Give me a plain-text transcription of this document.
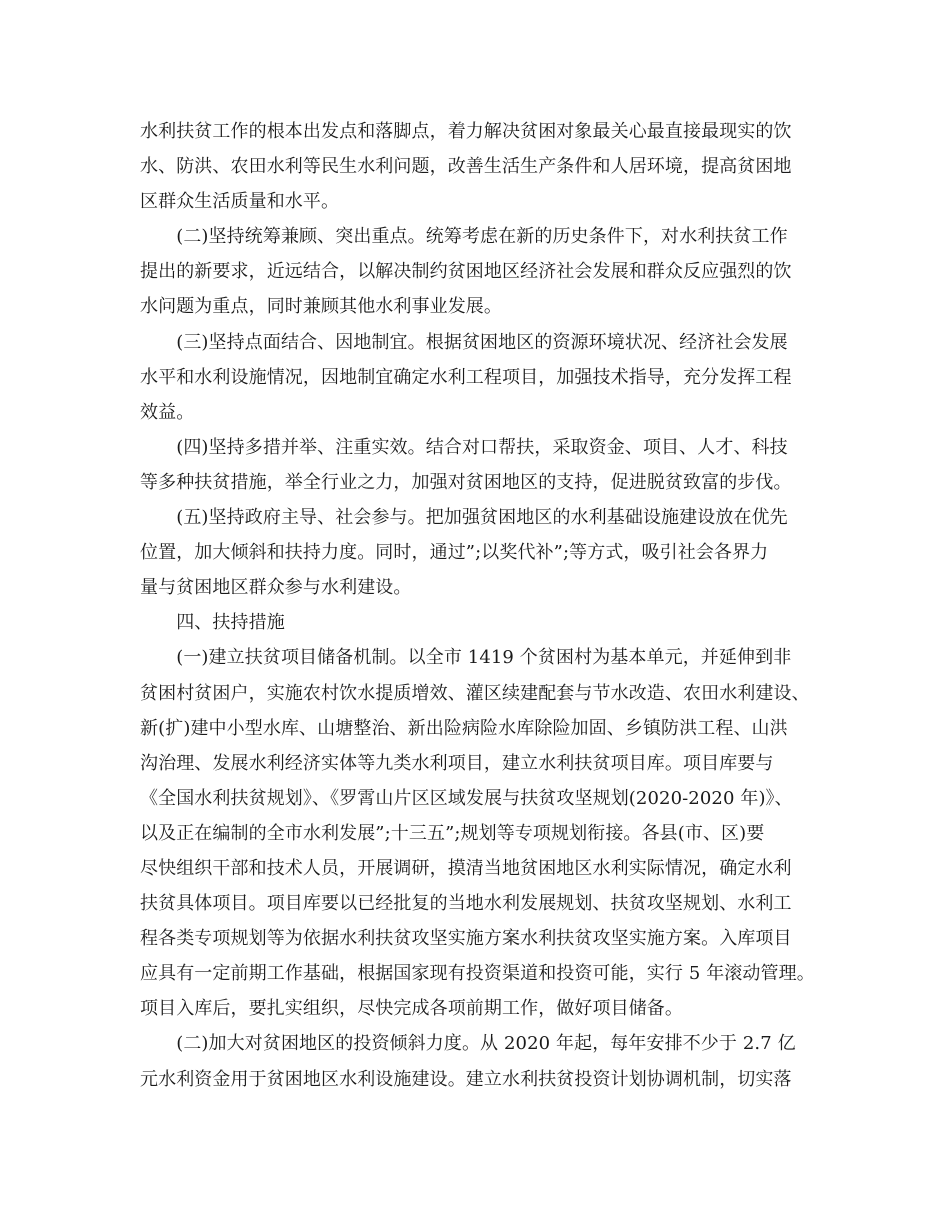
水利扶贫工作的根本出发点和落脚点，着力解决贫困对象最关心最直接最现实的饮
水、防洪、农田水利等民生水利问题，改善生活生产条件和人居环境，提高贫困地
区群众生活质量和水平。
　　(二)坚持统筹兼顾、突出重点。统筹考虑在新的历史条件下，对水利扶贫工作
提出的新要求，近远结合，以解决制约贫困地区经济社会发展和群众反应强烈的饮
水问题为重点，同时兼顾其他水利事业发展。
　　(三)坚持点面结合、因地制宜。根据贫困地区的资源环境状况、经济社会发展
水平和水利设施情况，因地制宜确定水利工程项目，加强技术指导，充分发挥工程
效益。
　　(四)坚持多措并举、注重实效。结合对口帮扶，采取资金、项目、人才、科技
等多种扶贫措施，举全行业之力，加强对贫困地区的支持，促进脱贫致富的步伐。
　　(五)坚持政府主导、社会参与。把加强贫困地区的水利基础设施建设放在优先
位置，加大倾斜和扶持力度。同时，通过”;以奖代补”;等方式，吸引社会各界力
量与贫困地区群众参与水利建设。
　　四、扶持措施
　　(一)建立扶贫项目储备机制。以全市 1419 个贫困村为基本单元，并延伸到非
贫困村贫困户，实施农村饮水提质增效、灌区续建配套与节水改造、农田水利建设、
新(扩)建中小型水库、山塘整治、新出险病险水库除险加固、乡镇防洪工程、山洪
沟治理、发展水利经济实体等九类水利项目，建立水利扶贫项目库。项目库要与
《全国水利扶贫规划》、《罗霄山片区区域发展与扶贫攻坚规划(2020-2020 年)》、
以及正在编制的全市水利发展”;十三五”;规划等专项规划衔接。各县(市、区)要
尽快组织干部和技术人员，开展调研，摸清当地贫困地区水利实际情况，确定水利
扶贫具体项目。项目库要以已经批复的当地水利发展规划、扶贫攻坚规划、水利工
程各类专项规划等为依据水利扶贫攻坚实施方案水利扶贫攻坚实施方案。入库项目
应具有一定前期工作基础，根据国家现有投资渠道和投资可能，实行 5 年滚动管理。
项目入库后，要扎实组织，尽快完成各项前期工作，做好项目储备。
　　(二)加大对贫困地区的投资倾斜力度。从 2020 年起，每年安排不少于 2.7 亿
元水利资金用于贫困地区水利设施建设。建立水利扶贫投资计划协调机制，切实落
